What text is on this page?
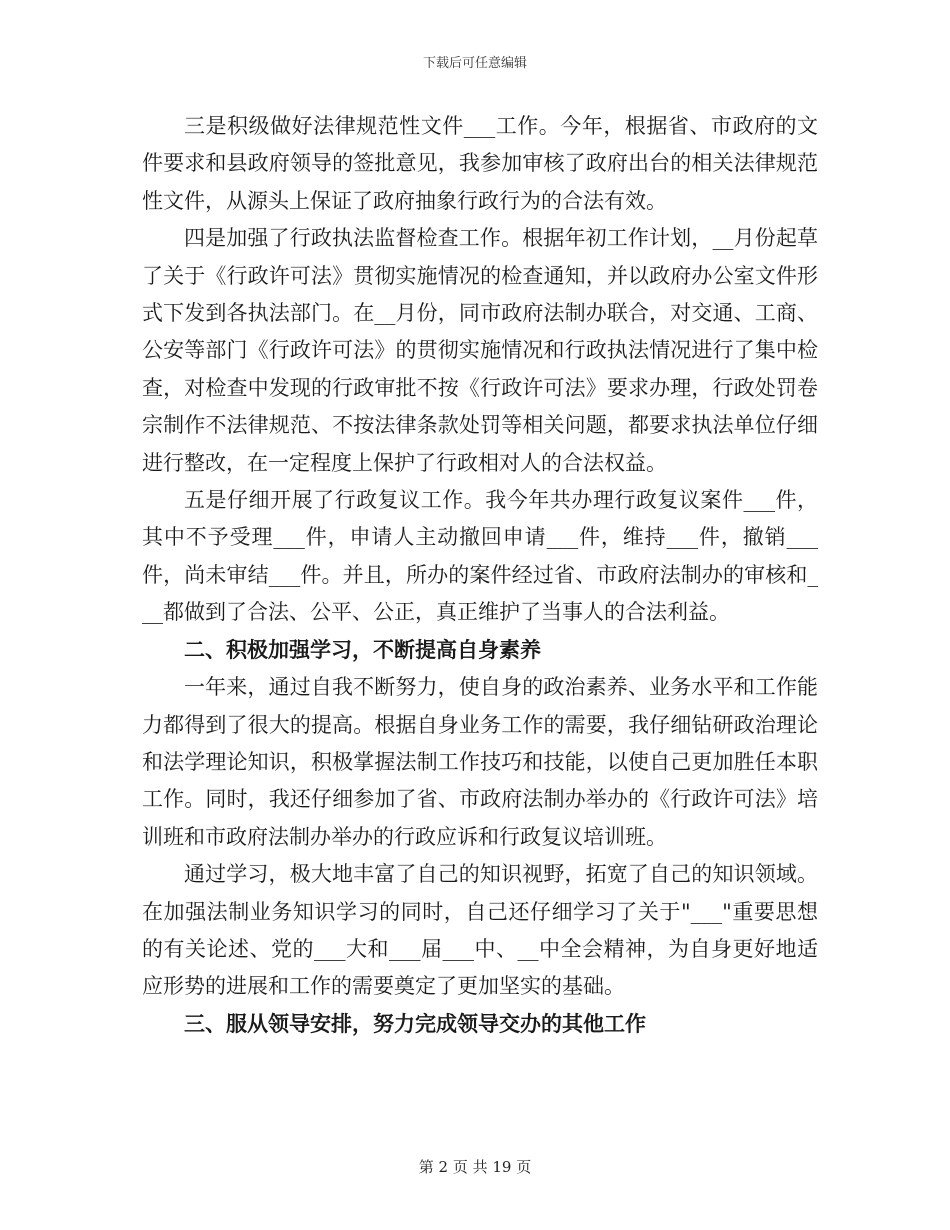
下载后可任意编辑

三是积级做好法律规范性文件___工作。今年，根据省、市政府的文件要求和县政府领导的签批意见，我参加审核了政府出台的相关法律规范性文件，从源头上保证了政府抽象行政行为的合法有效。

四是加强了行政执法监督检查工作。根据年初工作计划，__月份起草了关于《行政许可法》贯彻实施情况的检查通知，并以政府办公室文件形式下发到各执法部门。在__月份，同市政府法制办联合，对交通、工商、公安等部门《行政许可法》的贯彻实施情况和行政执法情况进行了集中检查，对检查中发现的行政审批不按《行政许可法》要求办理，行政处罚卷宗制作不法律规范、不按法律条款处罚等相关问题，都要求执法单位仔细进行整改，在一定程度上保护了行政相对人的合法权益。

五是仔细开展了行政复议工作。我今年共办理行政复议案件___件，其中不予受理___件，申请人主动撤回申请___件，维持___件，撤销___件，尚未审结___件。并且，所办的案件经过省、市政府法制办的审核和___都做到了合法、公平、公正，真正维护了当事人的合法利益。

二、积极加强学习，不断提高自身素养

一年来，通过自我不断努力，使自身的政治素养、业务水平和工作能力都得到了很大的提高。根据自身业务工作的需要，我仔细钻研政治理论和法学理论知识，积极掌握法制工作技巧和技能，以使自己更加胜任本职工作。同时，我还仔细参加了省、市政府法制办举办的《行政许可法》培训班和市政府法制办举办的行政应诉和行政复议培训班。

通过学习，极大地丰富了自己的知识视野，拓宽了自己的知识领域。在加强法制业务知识学习的同时，自己还仔细学习了关于"___"重要思想的有关论述、党的___大和___届___中、__中全会精神，为自身更好地适应形势的进展和工作的需要奠定了更加坚实的基础。

三、服从领导安排，努力完成领导交办的其他工作

第 2 页 共 19 页
